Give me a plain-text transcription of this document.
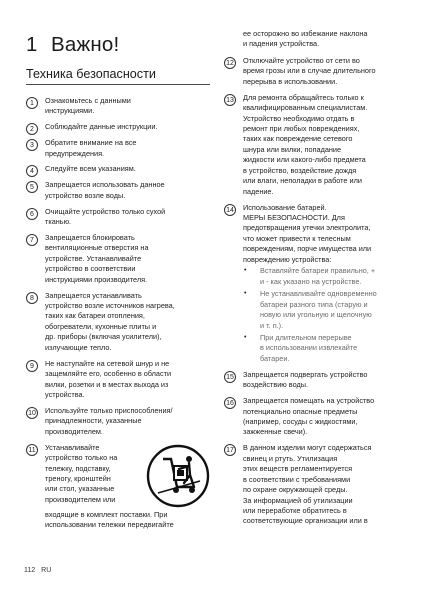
1 Важно!
Техника безопасности
1	Ознакомьтесь с данными
инструкциями.
2	Соблюдайте данные инструкции.
3	Обратите внимание на все
предупреждения.
4	Следуйте всем указаниям.
5	Запрещается использовать данное
устройство возле воды.
6	Очищайте устройство только сухой
тканью.
7	Запрещается блокировать
вентиляционные отверстия на
устройстве. Устанавливайте
устройство в соответствии
инструкциями производителя.
8	Запрещается устанавливать
устройство возле источников нагрева,
таких как батареи отопления,
обогреватели, кухонные плиты и
др. приборы (включая усилители),
излучающие тепло.
9	Не наступайте на сетевой шнур и не
защемляйте его, особенно в области
вилки, розетки и в местах выхода из
устройства.
10 Используйте только приспособления/
принадлежности, указанные
производителем.
11	Устанавливайте
устройство только на
тележку, подставку,
треногу, кронштейн
или стол, указанные
производителем или
входящие в комплект поставки. При
использовании тележки передвигайте
ее осторожно во избежание наклона
и падения устройства.
12 Отключайте устройство от сети во
время грозы или в случае длительного
перерыва в использовании.
13 Для ремонта обращайтесь только к
квалифицированным специалистам.
Устройство необходимо отдать в
ремонт при любых повреждениях,
таких как повреждение сетевого
шнура или вилки, попадание
жидкости или какого-либо предмета
в устройство, воздействие дождя
или влаги, неполадки в работе или
падение.
14 Использование батарей.
МЕРЫ БЕЗОПАСНОСТИ. Для
предотвращения утечки электролита,
что может привести к телесным
повреждениям, порче имущества или
повреждению устройства:
• Вставляйте батареи правильно, +
и - как указано на устройстве.
• Не устанавливайте одновременно
батареи разного типа (старую и
новую или угольную и щелочную
и т. п.).
• При длительном перерыве
в использовании извлекайте
батареи.
15 Запрещается подвергать устройство
воздействию воды.
16 Запрещается помещать на устройство
потенциально опасные предметы
(например, сосуды с жидкостями,
зажженные свечи).
17 В данном изделии могут содержаться
свинец и ртуть. Утилизация
этих веществ регламентируется
в соответствии с требованиями
по охране окружающей среды.
За информацией об утилизации
или переработке обратитесь в
соответствующие организации или в
112 RU
